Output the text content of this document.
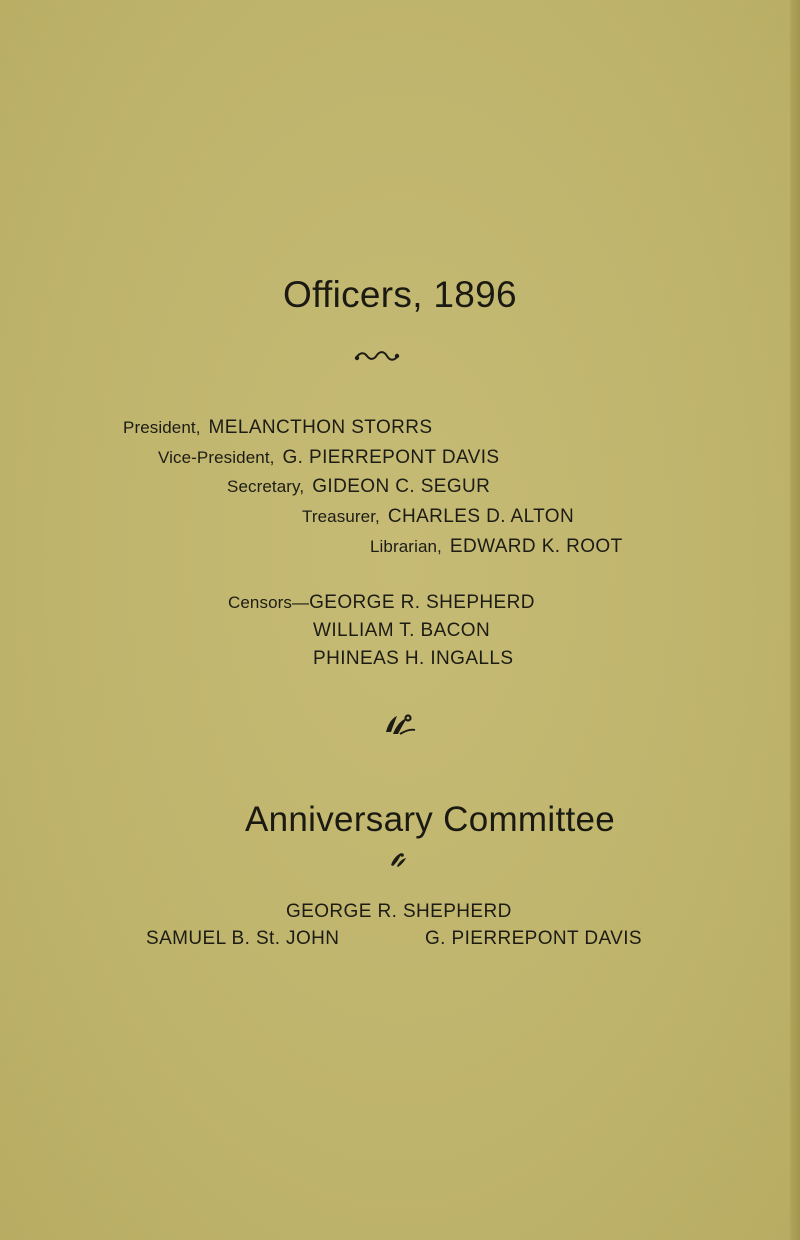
Officers, 1896
President, MELANCTHON STORRS
Vice-President, G. PIERREPONT DAVIS
Secretary, GIDEON C. SEGUR
Treasurer, CHARLES D. ALTON
Librarian, EDWARD K. ROOT
Censors— GEORGE R. SHEPHERD
WILLIAM T. BACON
PHINEAS H. INGALLS
Anniversary Committee
GEORGE R. SHEPHERD
SAMUEL B. St. JOHN	G. PIERREPONT DAVIS
